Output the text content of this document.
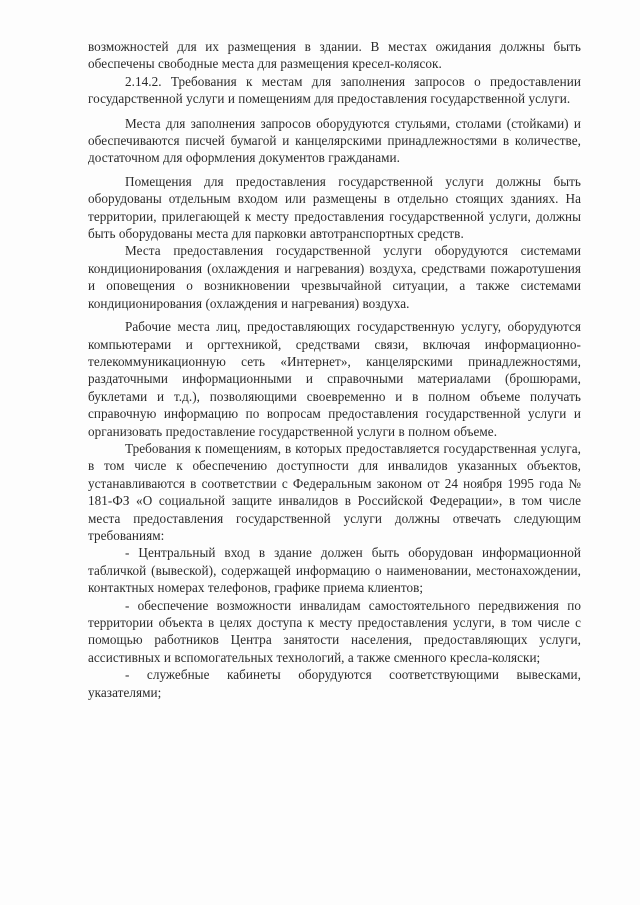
возможностей для их размещения в здании. В местах ожидания должны быть обеспечены свободные места для размещения кресел-колясок.

2.14.2. Требования к местам для заполнения запросов о предоставлении государственной услуги и помещениям для предоставления государственной услуги.

Места для заполнения запросов оборудуются стульями, столами (стойками) и обеспечиваются писчей бумагой и канцелярскими принадлежностями в количестве, достаточном для оформления документов гражданами.

Помещения для предоставления государственной услуги должны быть оборудованы отдельным входом или размещены в отдельно стоящих зданиях. На территории, прилегающей к месту предоставления государственной услуги, должны быть оборудованы места для парковки автотранспортных средств.

Места предоставления государственной услуги оборудуются системами кондиционирования (охлаждения и нагревания) воздуха, средствами пожаротушения и оповещения о возникновении чрезвычайной ситуации, а также системами кондиционирования (охлаждения и нагревания) воздуха.

Рабочие места лиц, предоставляющих государственную услугу, оборудуются компьютерами и оргтехникой, средствами связи, включая информационно-телекоммуникационную сеть «Интернет», канцелярскими принадлежностями, раздаточными информационными и справочными материалами (брошюрами, буклетами и т.д.), позволяющими своевременно и в полном объеме получать справочную информацию по вопросам предоставления государственной услуги и организовать предоставление государственной услуги в полном объеме.

Требования к помещениям, в которых предоставляется государственная услуга, в том числе к обеспечению доступности для инвалидов указанных объектов, устанавливаются в соответствии с Федеральным законом от 24 ноября 1995 года № 181-ФЗ «О социальной защите инвалидов в Российской Федерации», в том числе места предоставления государственной услуги должны отвечать следующим требованиям:

- Центральный вход в здание должен быть оборудован информационной табличкой (вывеской), содержащей информацию о наименовании, местонахождении, контактных номерах телефонов, графике приема клиентов;

- обеспечение возможности инвалидам самостоятельного передвижения по территории объекта в целях доступа к месту предоставления услуги, в том числе с помощью работников Центра занятости населения, предоставляющих услуги, ассистивных и вспомогательных технологий, а также сменного кресла-коляски;

- служебные кабинеты оборудуются соответствующими вывесками, указателями;
